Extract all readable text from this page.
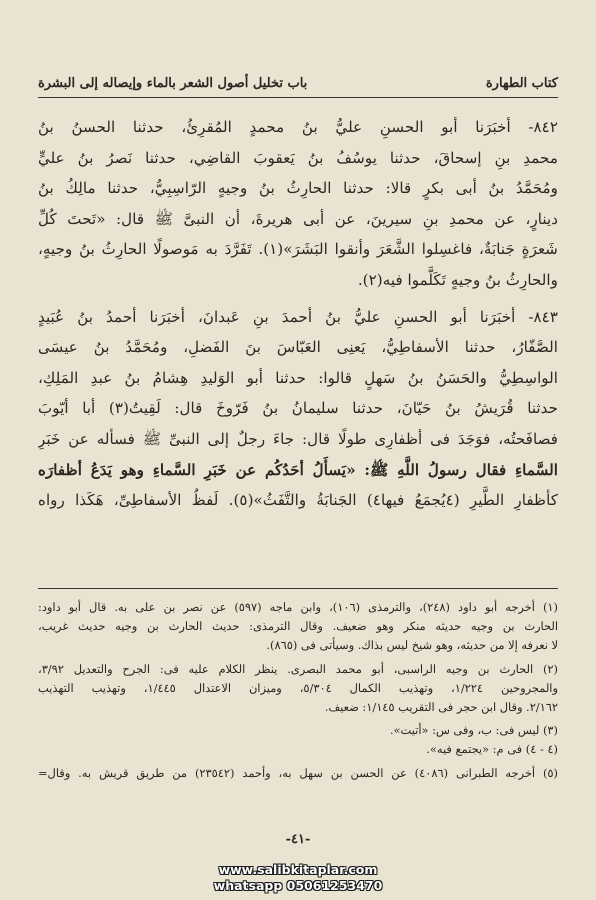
كتاب الطهارة
باب تخليل أصول الشعر بالماء وإيصاله إلى البشرة
٨٤٢- أخبَرَنا أبو الحسنِ عليُّ بنُ محمدٍ المُقرِئُ، حدثنا الحسنُ بنُ
محمدِ بنِ إسحاقَ، حدثنا يوسُفُ بنُ يَعقوبَ القاضِي، حدثنا نَصرُ بنُ عليٍّ
ومُحَمَّدُ بنُ أبى بكرٍ قالا: حدثنا الحارِثُ بنُ وجيهٍ الرّاسِبِيُّ، حدثنا مالِكُ بنُ
دينارٍ، عن محمدِ بنِ سيرينَ، عن أبى هريرةَ، أن النبىَّ ﷺ قال: «تَحتَ كُلِّ
شَعرَةٍ جَنابَةٌ، فاغسِلوا الشَّعَرَ وأنقوا البَشَرَ»(١). تَفَرَّدَ به مَوصولًا الحارِثُ بنُ وجيهٍ،
والحارِثُ بنُ وجيهٍ تَكَلَّموا فيه(٢).
٨٤٣- أخبَرَنا أبو الحسنِ عليُّ بنُ أحمدَ بنِ عَبدانَ، أخبَرَنا أحمدُ بنُ عُبَيدٍ
الصَّفّارُ، حدثنا الأسفاطِيُّ، يَعنِى العَبّاسَ بنَ الفَضلِ، ومُحَمَّدُ بنُ عيسَى
الواسِطِيُّ والحَسَنُ بنُ سَهلٍ قالوا: حدثنا أبو الوَليدِ هِشامُ بنُ عبدِ المَلِكِ،
حدثنا قُرَيشُ بنُ حَيّانَ، حدثنا سليمانُ بنُ فَرّوخَ قال: لَقِيتُ(٣) أبا أيّوبَ
فصافَحتُه، فوَجَدَ فى أظفارِى طولًا قال: جاءَ رجلٌ إلى النبىِّ ﷺ فسأله عن خَبَرِ
السَّماءِ فقال رسولُ اللَّهِ ﷺ: «يَسأَلُ أحَدُكُم عن خَبَرِ السَّماءِ وهو يَدَعُ أظفارَه
كأظفارِ الطَّيرِ (٤يُجمَعُ فيها٤) الجَنابَةُ والتَّفَثُ»(٥). لَفظُ الأسفاطِىِّ، هَكَذا رواه
(١) أخرجه أبو داود (٢٤٨)، والترمذى (١٠٦)، وابن ماجه (٥٩٧) عن نصر بن على به. قال أبو داود:
الحارث بن وجيه حديثه منكر وهو ضعيف. وقال الترمذى: حديث الحارث بن وجيه حديث غريب،
لا نعرفه إلا من حديثه، وهو شيخ ليس بذاك. وسيأتى فى (٨٦٥).
(٢) الحارث بن وجيه الراسبى، أبو محمد البصرى. ينظر الكلام عليه فى: الجرح والتعديل ٣/٩٢،
والمجروحين ١/٢٢٤، وتهذيب الكمال ٥/٣٠٤، وميزان الاعتدال ١/٤٤٥، وتهذيب التهذيب
٢/١٦٢. وقال ابن حجر فى التقريب ١/١٤٥: ضعيف.
(٣) ليس فى: ب، وفى س: «أتيت».
(٤ - ٤) فى م: «يجتمع فيه».
(٥) أخرجه الطبرانى (٤٠٨٦) عن الحسن بن سهل به، وأحمد (٢٣٥٤٢) من طريق قريش به. وقال=
-٤١-
www.salibkitaplar.com
whatsapp 05061253470
